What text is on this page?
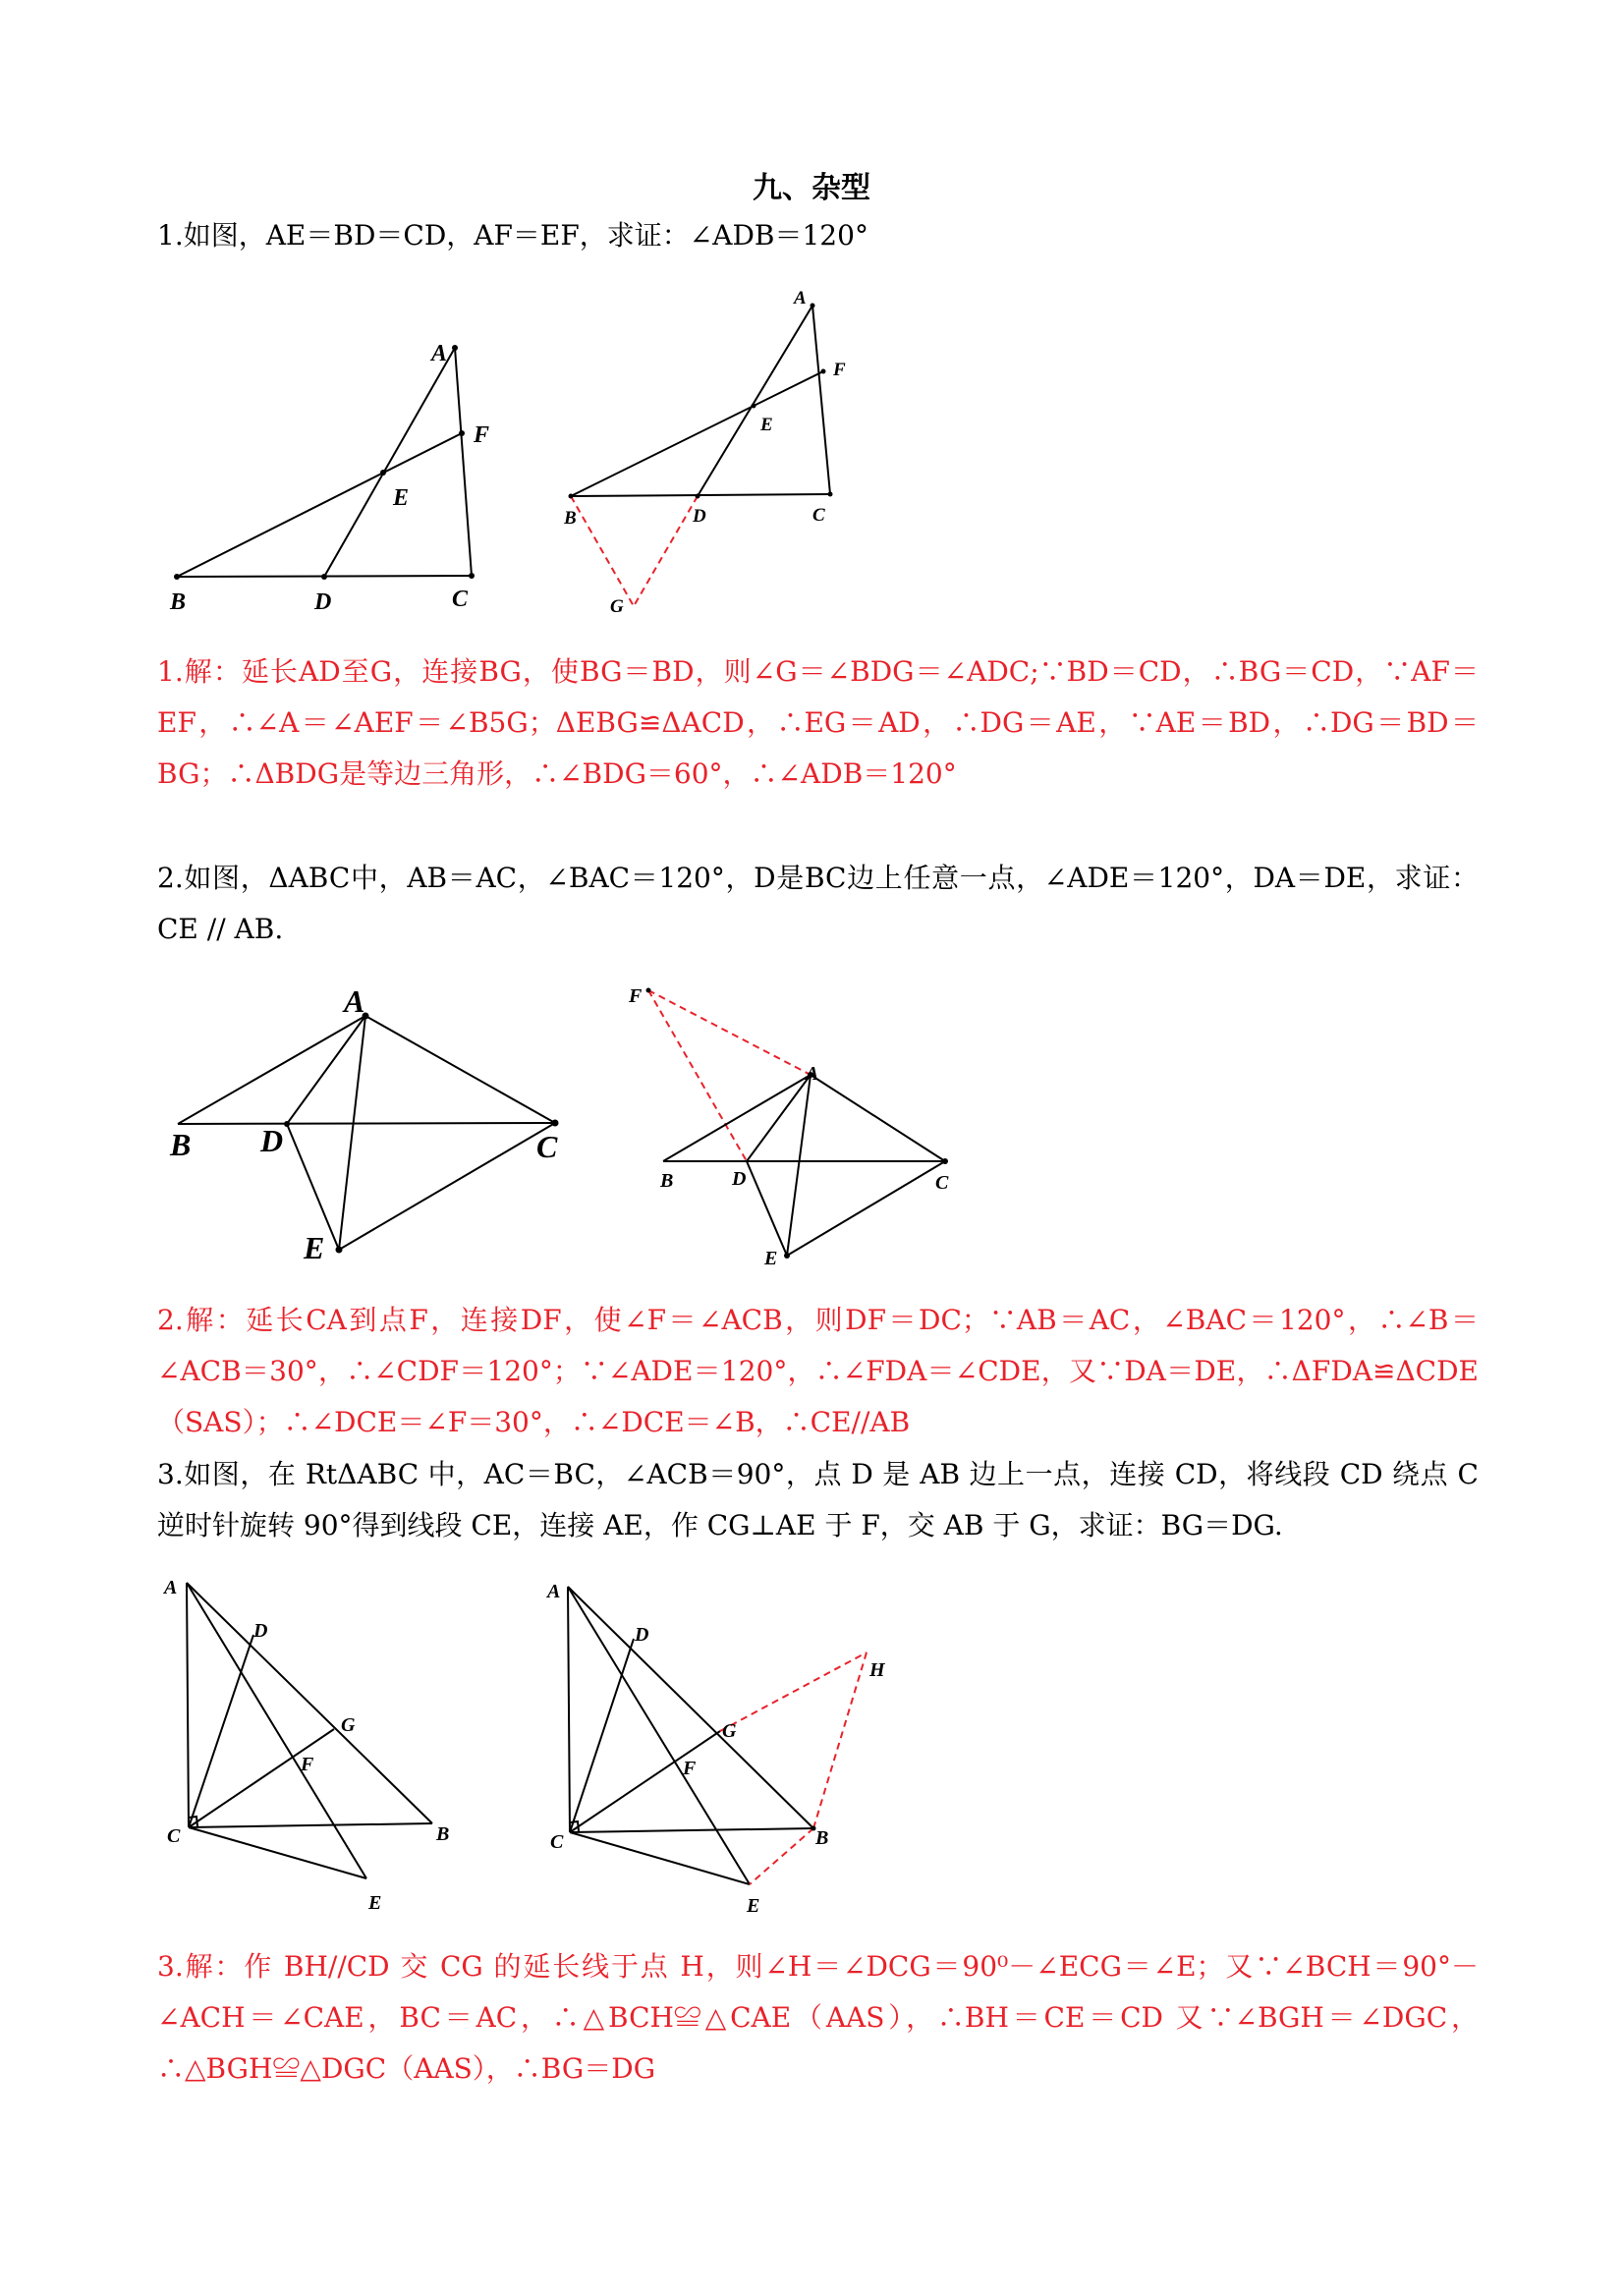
九、杂型
1.如图，AE＝BD＝CD，AF＝EF，求证：∠ADB＝120°
A
F
E
B	D	C
A
F
E
B	D	C
G
1.解：延长AD至G，连接BG，使BG＝BD，则∠G＝∠BDG＝∠ADC;∵BD＝CD，∴BG＝CD，∵AF＝EF，∴∠A＝∠AEF＝∠B5G；ΔEBG≌ΔACD，∴EG＝AD，∴DG＝AE，∵AE＝BD，∴DG＝BD＝BG；∴ΔBDG是等边三角形，∴∠BDG＝60°，∴∠ADB＝120°
2.如图，ΔABC中，AB＝AC，∠BAC＝120°，D是BC边上任意一点，∠ADE＝120°，DA＝DE，求证：CE // AB.
A
B D	C
E
F
A
B	D	C
E
2.解：延长CA到点F，连接DF，使∠F＝∠ACB，则DF＝DC；∵AB＝AC，∠BAC＝120°，∴∠B＝∠ACB＝30°，∴∠CDF＝120°；∵∠ADE＝120°，∴∠FDA＝∠CDE，又∵DA＝DE，∴ΔFDA≌ΔCDE（SAS）；∴∠DCE＝∠F＝30°，∴∠DCE＝∠B，∴CE//AB
3.如图，在 RtΔABC 中，AC＝BC，∠ACB＝90°，点 D 是 AB 边上一点，连接 CD，将线段 CD 绕点 C 逆时针旋转 90°得到线段 CE，连接 AE，作 CG⊥AE 于 F，交 AB 于 G，求证：BG＝DG.
A
D
G
F
C	B
E
A
D
H
G
F
C	B
E
3.解：作 BH//CD 交 CG 的延长线于点 H，则∠H＝∠DCG＝90⁰－∠ECG＝∠E；又∵∠BCH＝90°－∠ACH＝∠CAE，BC＝AC，∴△BCH≌△CAE（AAS），∴BH＝CE＝CD 又∵∠BGH＝∠DGC，∴△BGH≌△DGC（AAS），∴BG＝DG
